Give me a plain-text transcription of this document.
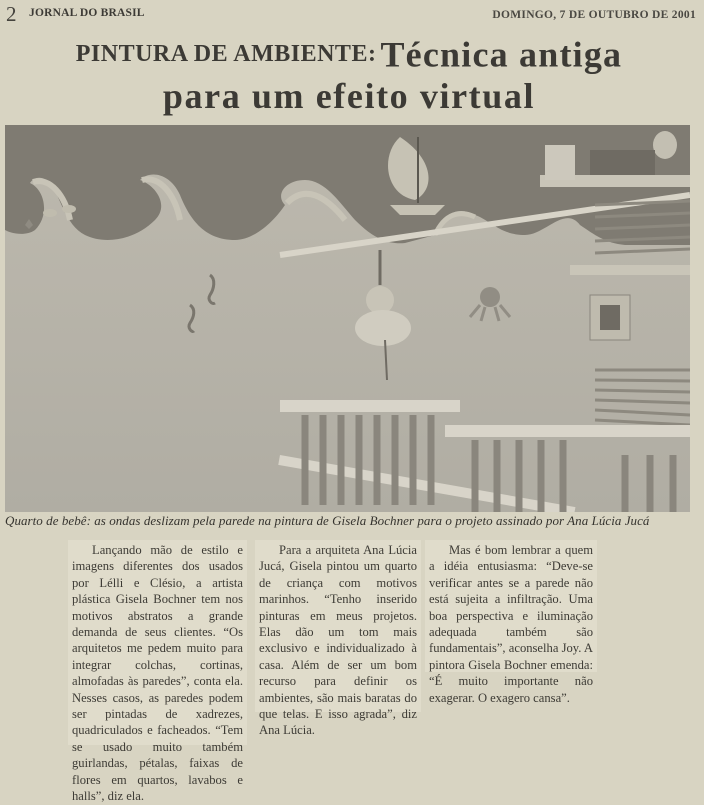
2 JORNAL DO BRASIL	DOMINGO, 7 DE OUTUBRO DE 2001
PINTURA DE AMBIENTE: Técnica antiga
para um efeito virtual
Quarto de bebê: as ondas deslizam pela parede na pintura de Gisela Bochner para o projeto assinado por Ana Lúcia Jucá

Lançando mão de estilo e imagens diferentes dos usados por Lélli e Clésio, a artista plástica Gisela Bochner tem nos motivos abstratos a grande demanda de seus clientes. “Os arquitetos me pedem muito para integrar colchas, cortinas, almofadas às paredes”, conta ela. Nesses casos, as paredes podem ser pintadas de xadrezes, quadriculados e facheados. “Tem se usado muito também guirlandas, pétalas, faixas de flores em quartos, lavabos e halls”, diz ela.

Para a arquiteta Ana Lúcia Jucá, Gisela pintou um quarto de criança com motivos marinhos. “Tenho inserido pinturas em meus projetos. Elas dão um tom mais exclusivo e individualizado à casa. Além de ser um bom recurso para definir os ambientes, são mais baratas do que telas. E isso agrada”, diz Ana Lúcia.

Mas é bom lembrar a quem a idéia entusiasma: “Deve-se verificar antes se a parede não está sujeita a infiltração. Uma boa perspectiva e iluminação adequada também são fundamentais”, aconselha Joy. A pintora Gisela Bochner emenda: “É muito importante não exagerar. O exagero cansa”.
